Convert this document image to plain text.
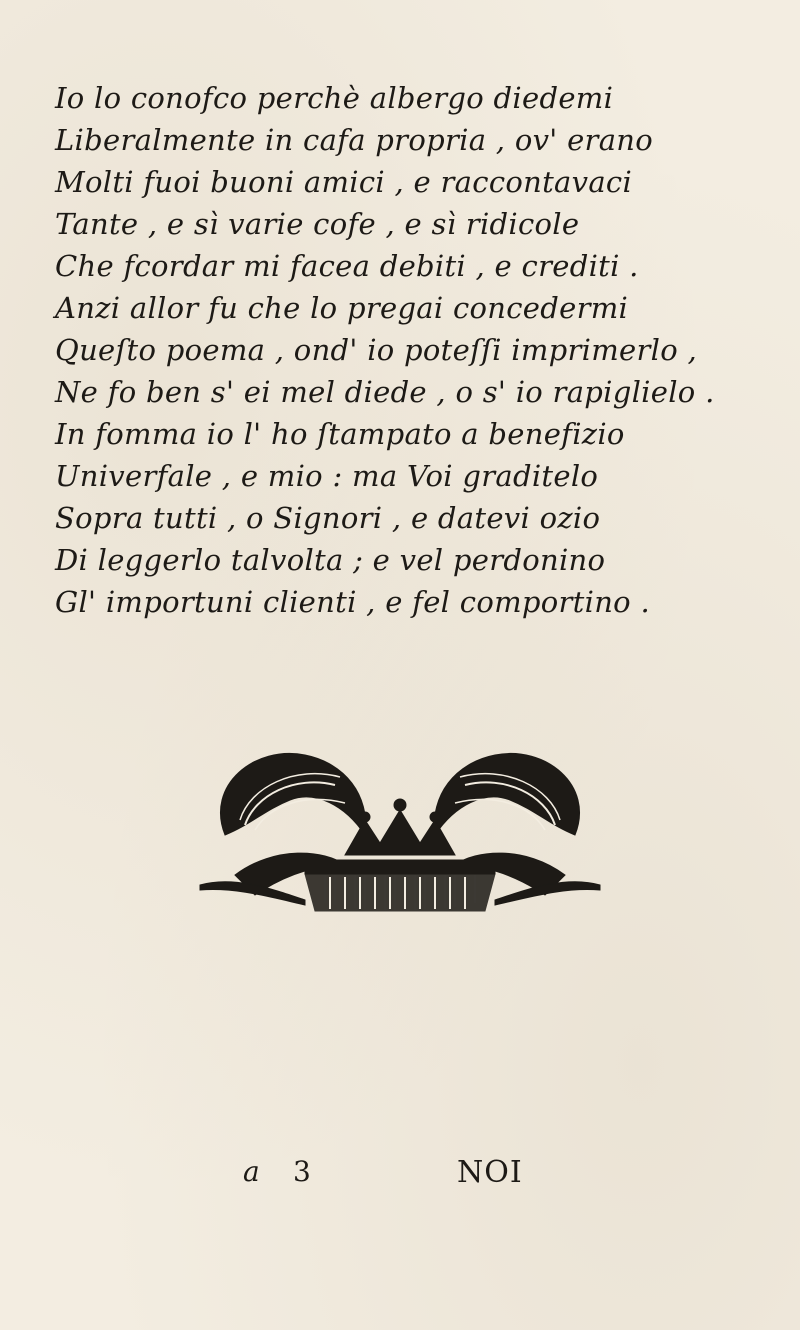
Io lo conofco perchè albergo diedemi
Liberalmente in cafa propria , ov' erano
Molti fuoi buoni amici , e raccontavaci
Tante , e sì varie cofe , e sì ridicole
Che fcordar mi facea debiti , e crediti .
Anzi allor fu che lo pregai concedermi
Queſto poema , ond' io poteſſi imprimerlo ,
Ne fo ben s' ei mel diede , o s' io rapiglielo .
In fomma io l' ho ſtampato a benefizio
Univerfale , e mio : ma Voi graditelo
Sopra tutti , o Signori , e datevi ozio
Di leggerlo talvolta ; e vel perdonino
Gl' importuni clienti , e fel comportino .
a 3	NOI
